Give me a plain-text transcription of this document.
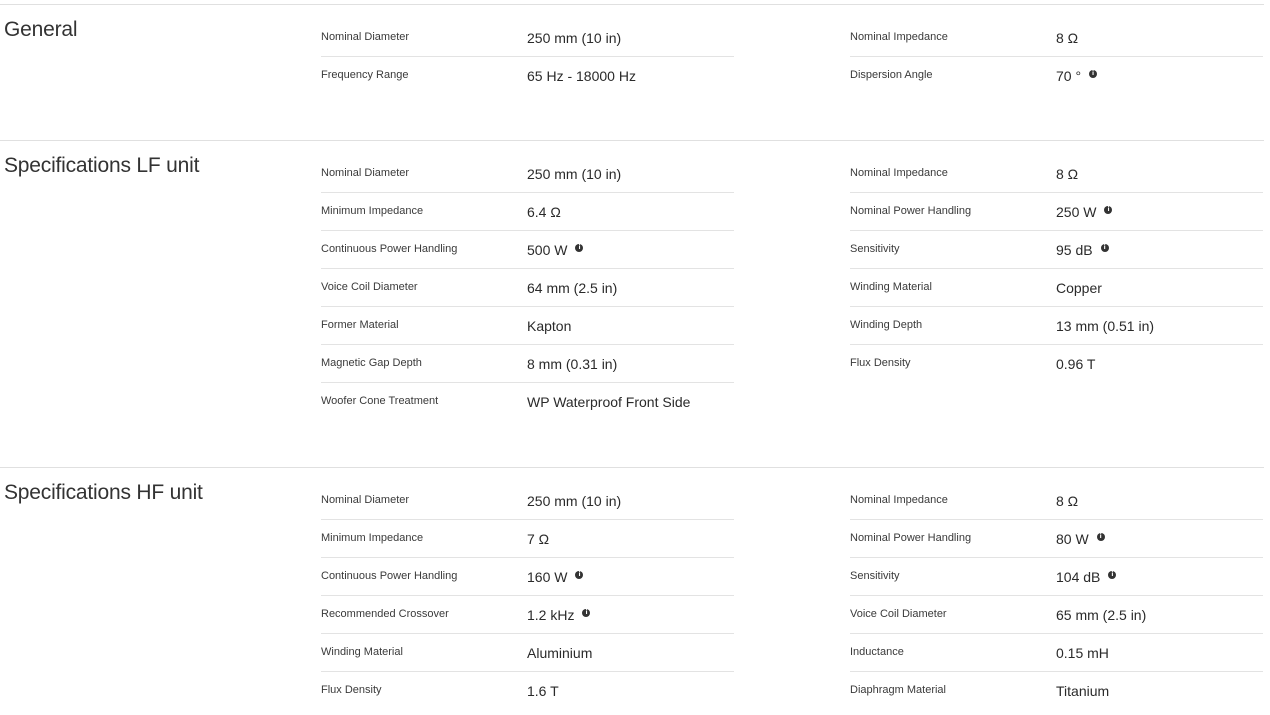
General	Nominal Diameter	250 mm (10 in)
Frequency Range	65 Hz - 18000 Hz
Nominal Impedance	8 Ω
Dispersion Angle	70 °	i
Specifications LF unit	Nominal Diameter	250 mm (10 in)
Minimum Impedance	6.4 Ω
Continuous Power Handling	500 W	i
Voice Coil Diameter	64 mm (2.5 in)
Former Material	Kapton
Magnetic Gap Depth	8 mm (0.31 in)
Woofer Cone Treatment	WP Waterproof Front Side
Nominal Impedance	8 Ω
Nominal Power Handling	250 W	i
Sensitivity	95 dB	i
Winding Material	Copper
Winding Depth	13 mm (0.51 in)
Flux Density	0.96 T
Specifications HF unit	Nominal Diameter	250 mm (10 in)
Minimum Impedance	7 Ω
Continuous Power Handling	160 W	i
Recommended Crossover	1.2 kHz	i
Winding Material	Aluminium
Flux Density	1.6 T
Nominal Impedance	8 Ω
Nominal Power Handling	80 W	i
Sensitivity	104 dB	i
Voice Coil Diameter	65 mm (2.5 in)
Inductance	0.15 mH
Diaphragm Material	Titanium
